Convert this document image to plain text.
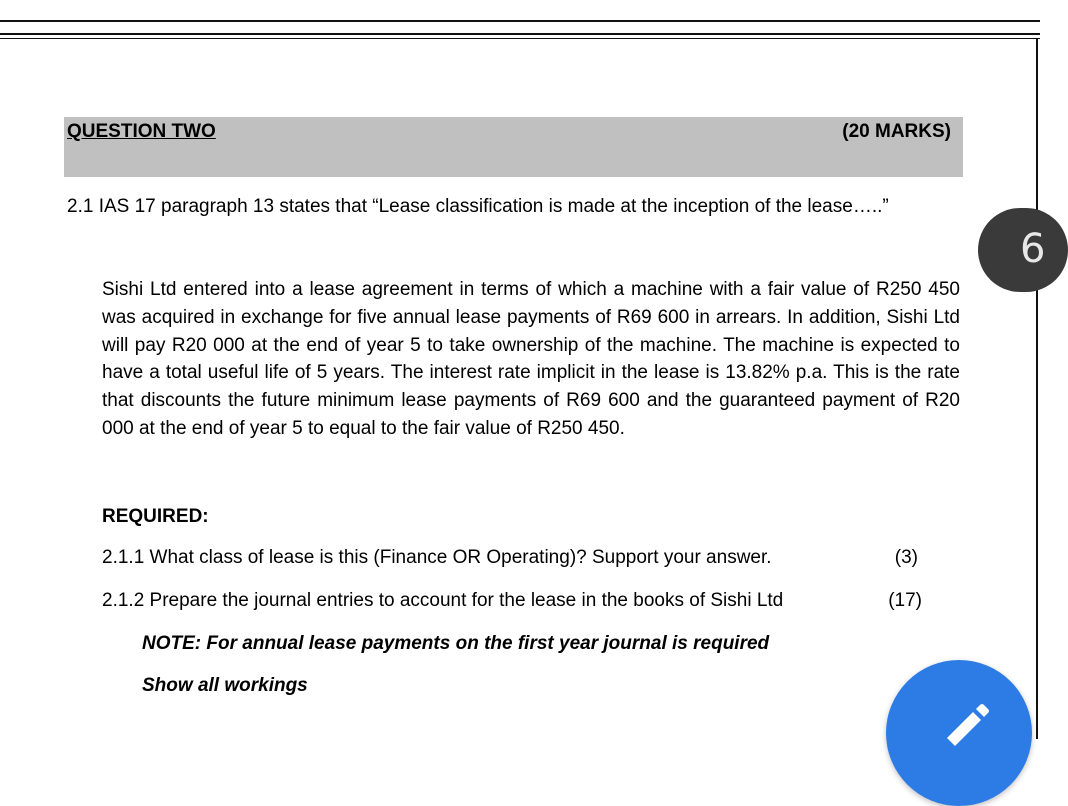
QUESTION TWO	(20 MARKS)
2.1 IAS 17 paragraph 13 states that “Lease classification is made at the inception of the lease…..”
Sishi Ltd entered into a lease agreement in terms of which a machine with a fair value of R250 450 was acquired in exchange for five annual lease payments of R69 600 in arrears. In addition, Sishi Ltd will pay R20 000 at the end of year 5 to take ownership of the machine. The machine is expected to have a total useful life of 5 years. The interest rate implicit in the lease is 13.82% p.a. This is the rate that discounts the future minimum lease payments of R69 600 and the guaranteed payment of R20 000 at the end of year 5 to equal to the fair value of R250 450.
REQUIRED:
2.1.1 What class of lease is this (Finance OR Operating)? Support your answer.	(3)
2.1.2 Prepare the journal entries to account for the lease in the books of Sishi Ltd	(17)
NOTE: For annual lease payments on the first year journal is required
Show all workings
6
